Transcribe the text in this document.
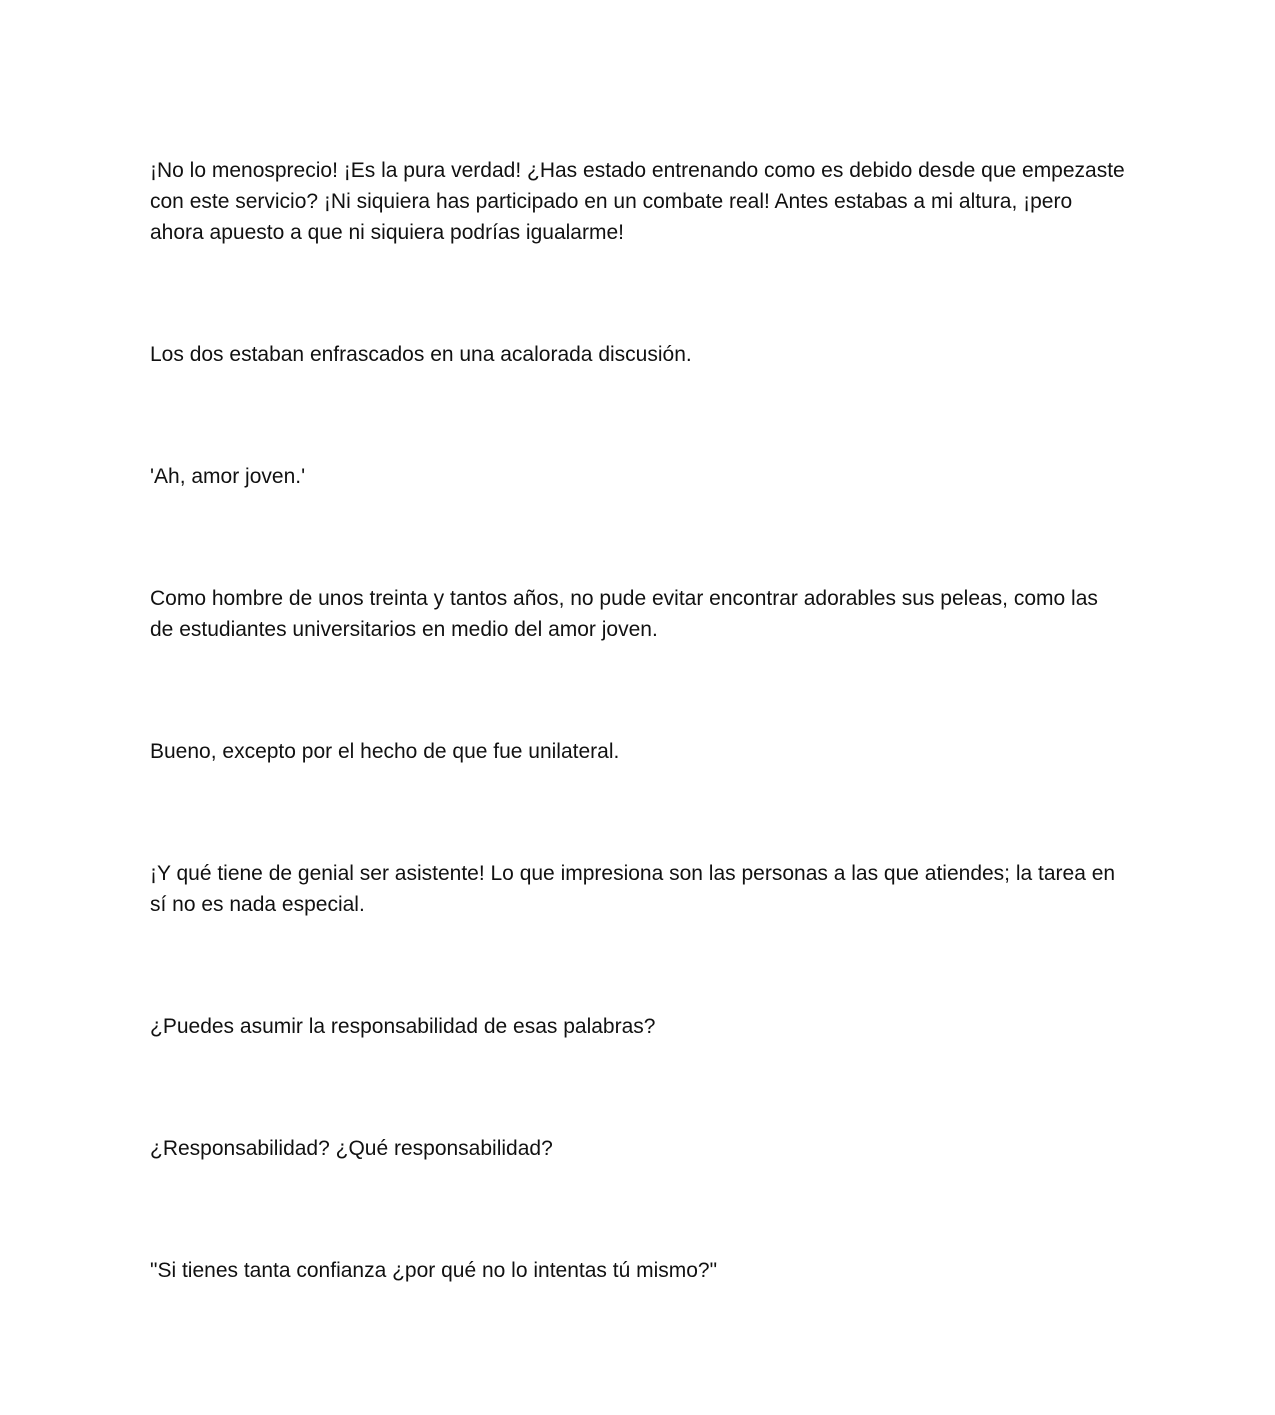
¡No lo menosprecio! ¡Es la pura verdad! ¿Has estado entrenando como es debido desde que empezaste con este servicio? ¡Ni siquiera has participado en un combate real! Antes estabas a mi altura, ¡pero ahora apuesto a que ni siquiera podrías igualarme!

Los dos estaban enfrascados en una acalorada discusión.

'Ah, amor joven.'

Como hombre de unos treinta y tantos años, no pude evitar encontrar adorables sus peleas, como las de estudiantes universitarios en medio del amor joven.

Bueno, excepto por el hecho de que fue unilateral.

¡Y qué tiene de genial ser asistente! Lo que impresiona son las personas a las que atiendes; la tarea en sí no es nada especial.

¿Puedes asumir la responsabilidad de esas palabras?

¿Responsabilidad? ¿Qué responsabilidad?

"Si tienes tanta confianza ¿por qué no lo intentas tú mismo?"
